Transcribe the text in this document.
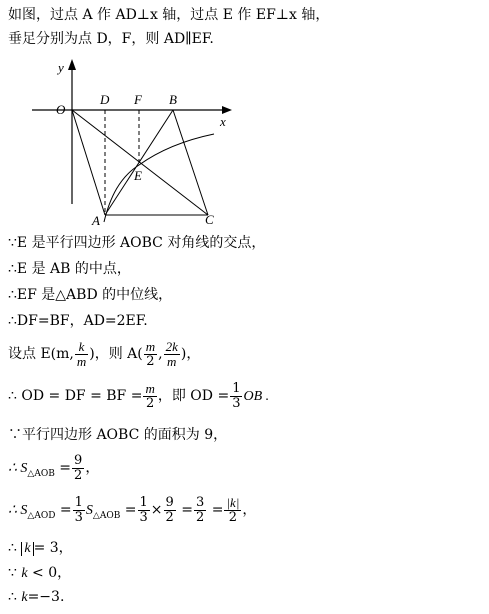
如图，过点 A 作 AD⊥x 轴，过点 E 作 EF⊥x 轴，
垂足分别为点 D，F，则 AD∥EF.
y
x
O
D F B
E
A	C
∵E 是平行四边形 AOBC 对角线的交点，
∴E 是 AB 的中点，
∴EF 是△ABD 的中位线，
∴DF=BF，AD=2EF.
设点 E(m, $\frac{k}{m}$ )，则 $A( \frac{m}{2}$ , $\frac{2k}{m}$ )，
∴ OD = DF = BF = $\frac{m}{2}$ ，即 OD = $\frac{1}{3}$ OB .
∵平行四边形 AOBC 的面积为 9，
∴ $S_{\triangle AOB} = \frac{9}{2}$ ，
∴ $S_{\triangle AOD} = \frac{1}{3} S_{\triangle AOB} = \frac{1}{3} \times \frac{9}{2} = \frac{3}{2} = \frac{|k|}{2}$ ，
∴ k = 3，
∵ k < 0，
∴ k=−3.
